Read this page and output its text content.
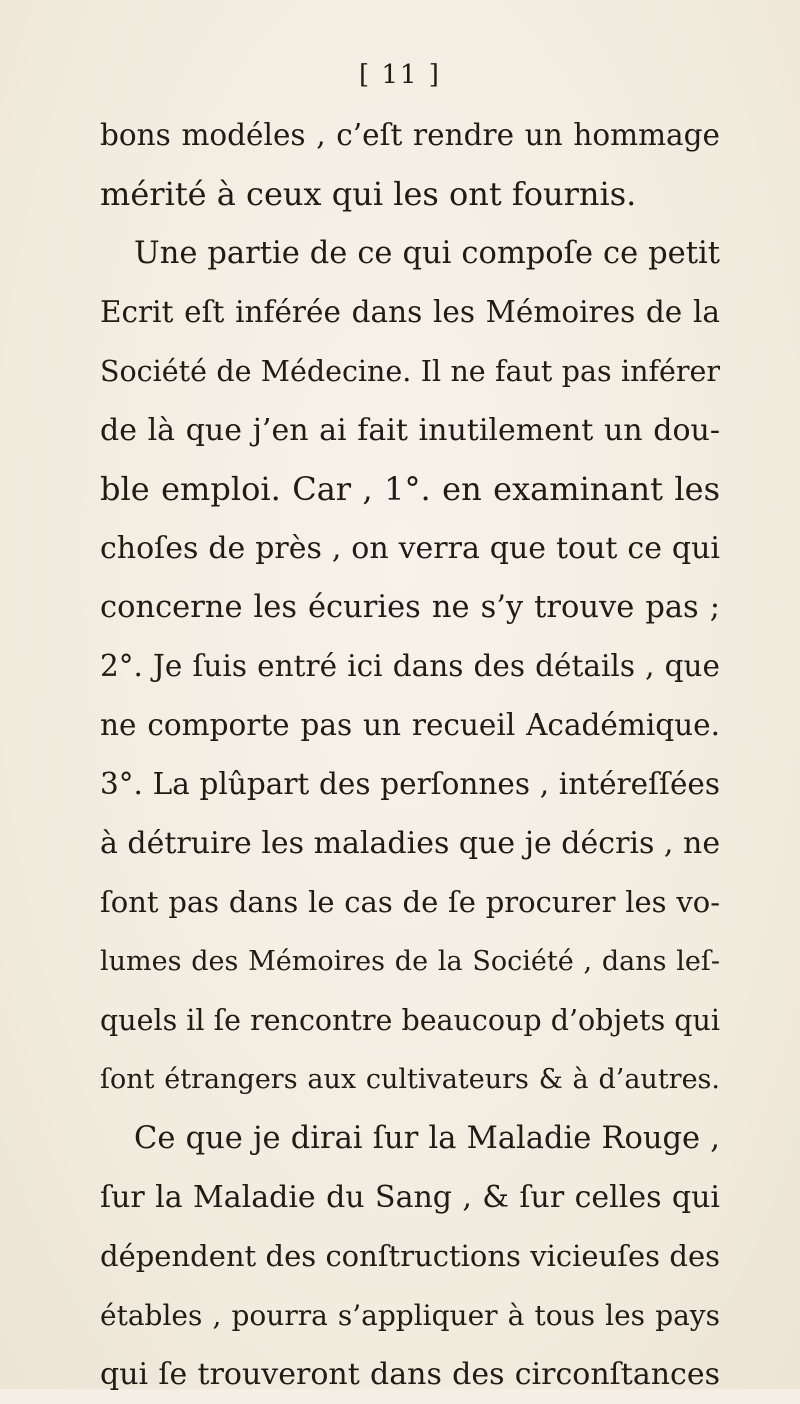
[ 11 ]
bons modéles , c’eſt rendre un hommage
mérité à ceux qui les ont fournis.
Une partie de ce qui compoſe ce petit
Ecrit eſt inférée dans les Mémoires de la
Société de Médecine. Il ne faut pas inférer
de là que j’en ai fait inutilement un dou-
ble emploi. Car , 1°. en examinant les
choſes de près , on verra que tout ce qui
concerne les écuries ne s’y trouve pas ;
2°. Je ſuis entré ici dans des détails , que
ne comporte pas un recueil Académique.
3°. La plûpart des perſonnes , intéreſſées
à détruire les maladies que je décris , ne
ſont pas dans le cas de ſe procurer les vo-
lumes des Mémoires de la Société , dans leſ-
quels il ſe rencontre beaucoup d’objets qui
ſont étrangers aux cultivateurs & à d’autres.
Ce que je dirai ſur la Maladie Rouge ,
ſur la Maladie du Sang , & ſur celles qui
dépendent des conſtructions vicieuſes des
étables , pourra s’appliquer à tous les pays
qui ſe trouveront dans des circonſtances
